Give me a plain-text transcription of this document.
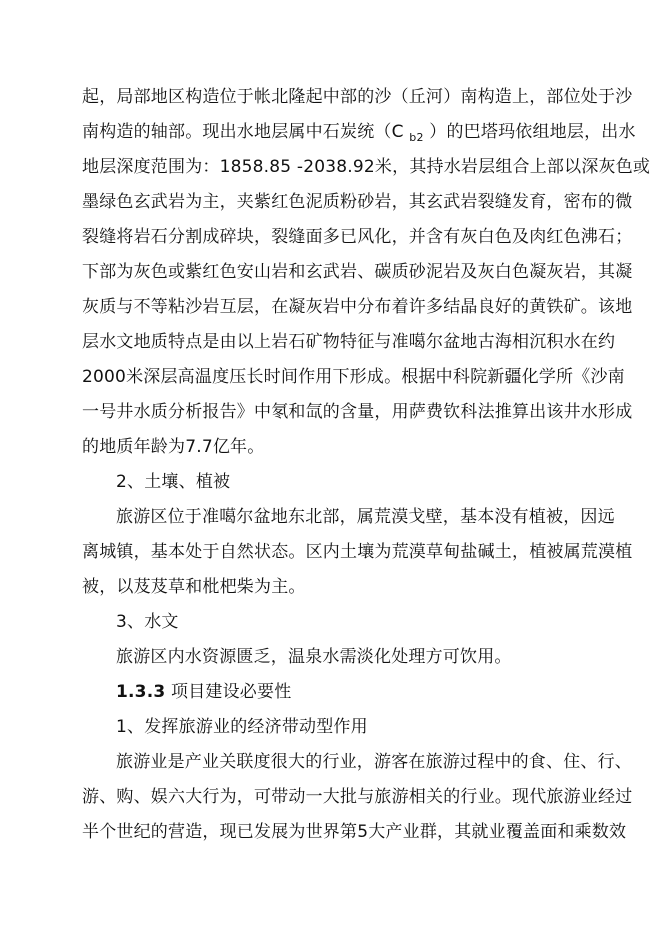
起，局部地区构造位于帐北隆起中部的沙（丘河）南构造上，部位处于沙
南构造的轴部。现出水地层属中石炭统（C $_{b2}$ ）的巴塔玛依组地层，出水
地层深度范围为：1858.85 -2038.92米，其持水岩层组合上部以深灰色或
墨绿色玄武岩为主，夹紫红色泥质粉砂岩，其玄武岩裂缝发育，密布的微
裂缝将岩石分割成碎块，裂缝面多已风化，并含有灰白色及肉红色沸石；
下部为灰色或紫红色安山岩和玄武岩、碳质砂泥岩及灰白色凝灰岩，其凝
灰质与不等粘沙岩互层，在凝灰岩中分布着许多结晶良好的黄铁矿。该地
层水文地质特点是由以上岩石矿物特征与准噶尔盆地古海相沉积水在约
2000米深层高温度压长时间作用下形成。根据中科院新疆化学所《沙南
一号井水质分析报告》中氡和氙的含量，用萨费钦科法推算出该井水形成
的地质年龄为7.7亿年。
2、土壤、植被
旅游区位于准噶尔盆地东北部，属荒漠戈壁，基本没有植被，因远
离城镇，基本处于自然状态。区内土壤为荒漠草甸盐碱土，植被属荒漠植
被，以芨芨草和枇杷柴为主。
3、水文
旅游区内水资源匮乏，温泉水需淡化处理方可饮用。
1.3.3 项目建设必要性
1、发挥旅游业的经济带动型作用
旅游业是产业关联度很大的行业，游客在旅游过程中的食、住、行、
游、购、娱六大行为，可带动一大批与旅游相关的行业。现代旅游业经过
半个世纪的营造，现已发展为世界第5大产业群，其就业覆盖面和乘数效
